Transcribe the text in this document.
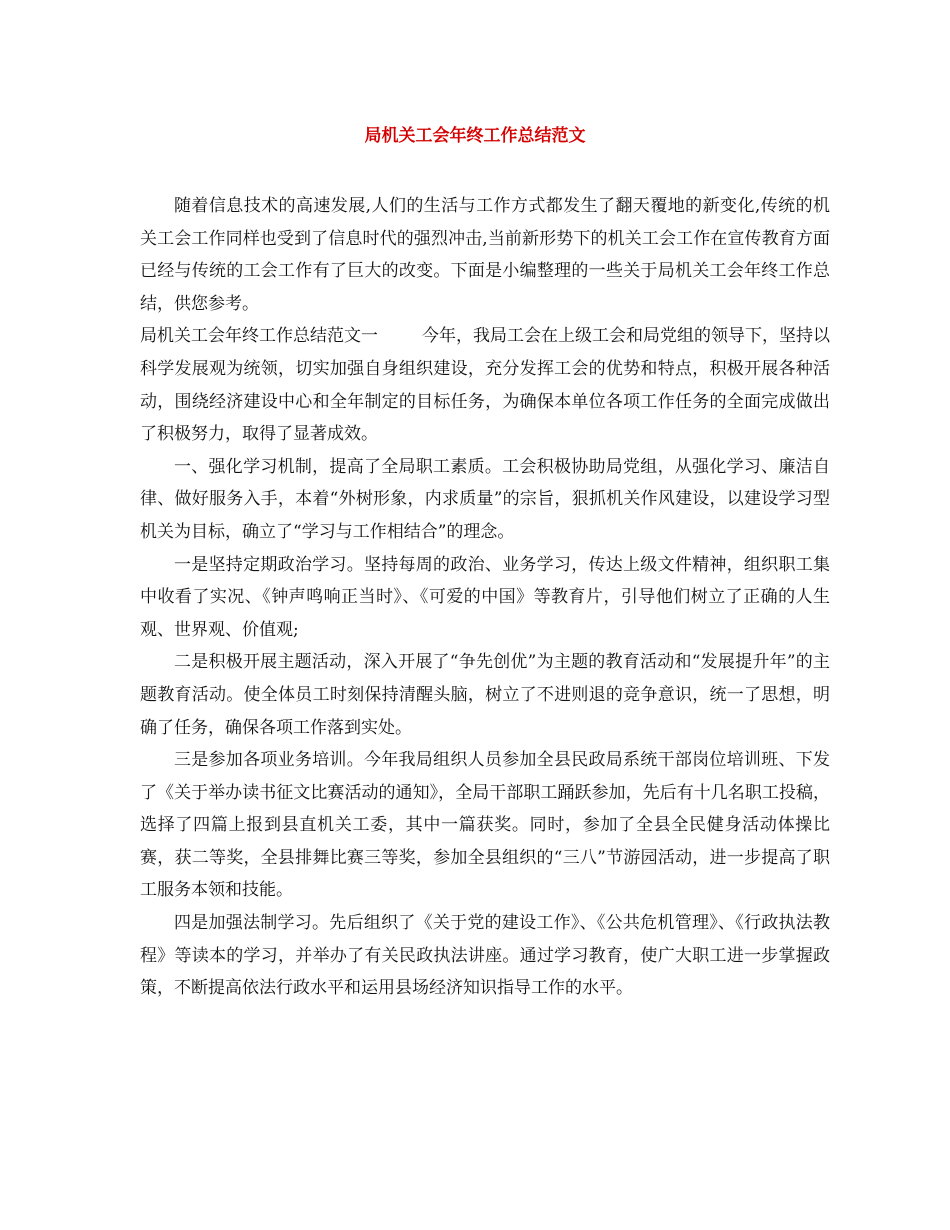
局机关工会年终工作总结范文

随着信息技术的高速发展,人们的生活与工作方式都发生了翻天覆地的新变化,传统的机关工会工作同样也受到了信息时代的强烈冲击,当前新形势下的机关工会工作在宣传教育方面已经与传统的工会工作有了巨大的改变。下面是小编整理的一些关于局机关工会年终工作总结，供您参考。

局机关工会年终工作总结范文一	今年，我局工会在上级工会和局党组的领导下，坚持以科学发展观为统领，切实加强自身组织建设，充分发挥工会的优势和特点，积极开展各种活动，围绕经济建设中心和全年制定的目标任务，为确保本单位各项工作任务的全面完成做出了积极努力，取得了显著成效。

一、强化学习机制，提高了全局职工素质。工会积极协助局党组，从强化学习、廉洁自律、做好服务入手，本着“外树形象，内求质量”的宗旨，狠抓机关作风建设，以建设学习型机关为目标，确立了“学习与工作相结合”的理念。

一是坚持定期政治学习。坚持每周的政治、业务学习，传达上级文件精神，组织职工集中收看了实况、《钟声鸣响正当时》、《可爱的中国》等教育片，引导他们树立了正确的人生观、世界观、价值观;

二是积极开展主题活动，深入开展了“争先创优”为主题的教育活动和“发展提升年”的主题教育活动。使全体员工时刻保持清醒头脑，树立了不进则退的竞争意识，统一了思想，明确了任务，确保各项工作落到实处。

三是参加各项业务培训。今年我局组织人员参加全县民政局系统干部岗位培训班、下发了《关于举办读书征文比赛活动的通知》，全局干部职工踊跃参加，先后有十几名职工投稿，选择了四篇上报到县直机关工委，其中一篇获奖。同时，参加了全县全民健身活动体操比赛，获二等奖，全县排舞比赛三等奖，参加全县组织的“三八”节游园活动，进一步提高了职工服务本领和技能。

四是加强法制学习。先后组织了《关于党的建设工作》、《公共危机管理》、《行政执法教程》等读本的学习，并举办了有关民政执法讲座。通过学习教育，使广大职工进一步掌握政策，不断提高依法行政水平和运用县场经济知识指导工作的水平。
